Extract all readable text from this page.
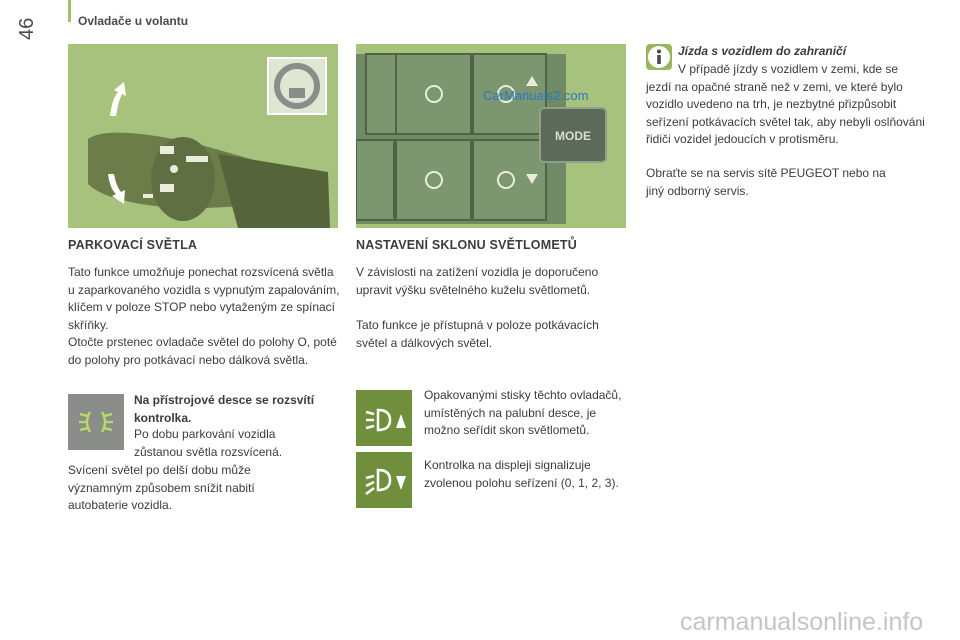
46	Ovladače u volantu
MODE
CarManuals2.com
PARKOVACÍ SVĚTLA

Tato funkce umožňuje ponechat rozsvícená světla u zaparkovaného vozidla s vypnutým zapalováním, klíčem v poloze STOP nebo vytaženým ze spínací skříňky.

Otočte prstenec ovladače světel do polohy O, poté do polohy pro potkávací nebo dálková světla.

Na přístrojové desce se rozsvítí kontrolka.

Po dobu parkování vozidla zůstanou světla rozsvícená.

Svícení světel po delší dobu může významným způsobem snížit nabití autobaterie vozidla.

NASTAVENÍ SKLONU SVĚTLOMETŮ

V závislosti na zatížení vozidla je doporučeno upravit výšku světelného kuželu světlometů.

Tato funkce je přístupná v poloze potkávacích světel a dálkových světel.

Opakovanými stisky těchto ovladačů, umístěných na palubní desce, je možno seřídit skon světlometů.

Kontrolka na displeji signalizuje zvolenou polohu seřízení (0, 1, 2, 3).

Jízda s vozidlem do zahraničí

V případě jízdy s vozidlem v zemi, kde se jezdí na opačné straně než v zemi, ve které bylo vozidlo uvedeno na trh, je nezbytné přizpůsobit seřízení potkávacích světel tak, aby nebyli oslňováni řidiči vozidel jedoucích v protisměru.

Obraťte se na servis sítě PEUGEOT nebo na jiný odborný servis.

carmanualsonline.info
